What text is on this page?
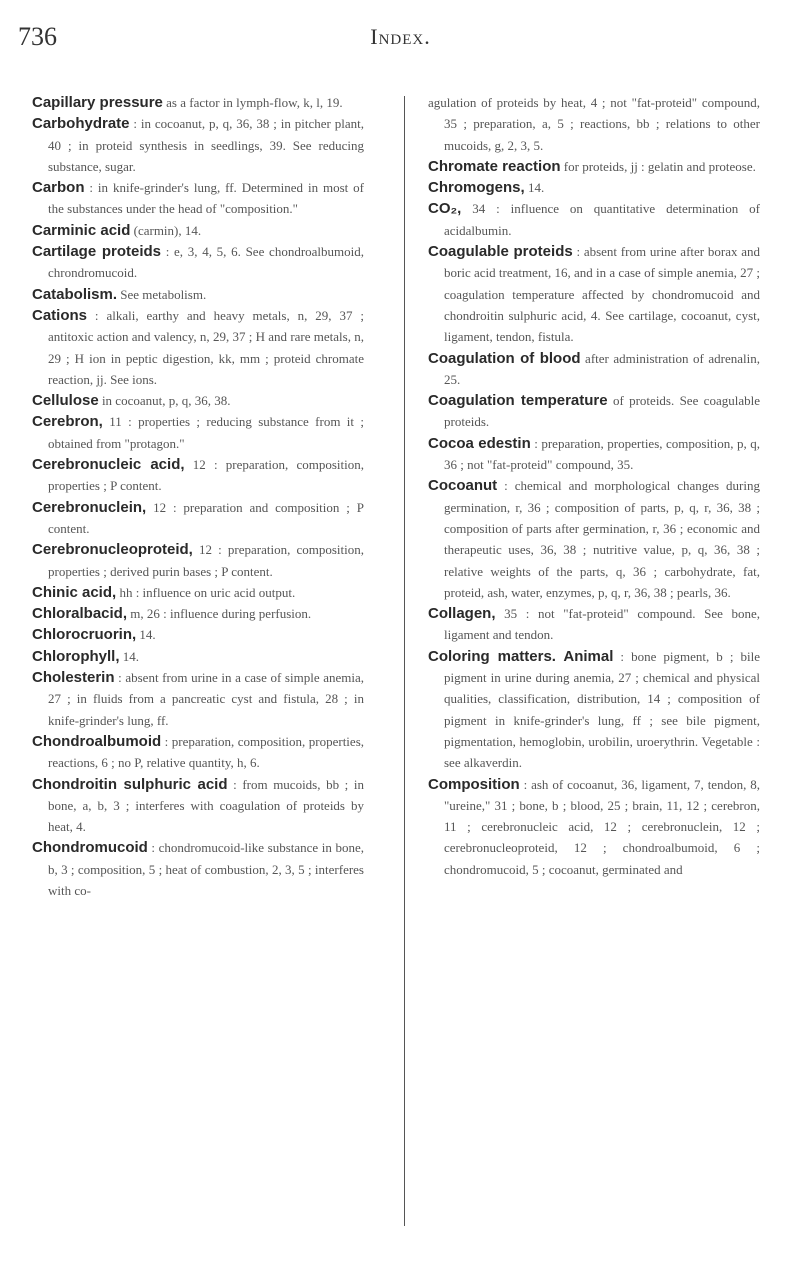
736	Index.
Capillary pressure as a factor in lymph-flow, k, l, 19.
Carbohydrate : in cocoanut, p, q, 36, 38 ; in pitcher plant, 40 ; in proteid synthesis in seedlings, 39. See reducing substance, sugar.
Carbon : in knife-grinder's lung, ff. Determined in most of the substances under the head of "composition."
Carminic acid (carmin), 14.
Cartilage proteids : e, 3, 4, 5, 6. See chondroalbumoid, chrondromucoid.
Catabolism. See metabolism.
Cations : alkali, earthy and heavy metals, n, 29, 37 ; antitoxic action and valency, n, 29, 37 ; H and rare metals, n, 29 ; H ion in peptic digestion, kk, mm ; proteid chromate reaction, jj. See ions.
Cellulose in cocoanut, p, q, 36, 38.
Cerebron, 11 : properties ; reducing substance from it ; obtained from "protagon."
Cerebronucleic acid, 12 : preparation, composition, properties ; P content.
Cerebronuclein, 12 : preparation and composition ; P content.
Cerebronucleoproteid, 12 : preparation, composition, properties ; derived purin bases ; P content.
Chinic acid, hh : influence on uric acid output.
Chloralbacid, m, 26 : influence during perfusion.
Chlorocruorin, 14.
Chlorophyll, 14.
Cholesterin : absent from urine in a case of simple anemia, 27 ; in fluids from a pancreatic cyst and fistula, 28 ; in knife-grinder's lung, ff.
Chondroalbumoid : preparation, composition, properties, reactions, 6 ; no P, relative quantity, h, 6.
Chondroitin sulphuric acid : from mucoids, bb ; in bone, a, b, 3 ; interferes with coagulation of proteids by heat, 4.
Chondromucoid : chondromucoid-like substance in bone, b, 3 ; composition, 5 ; heat of combustion, 2, 3, 5 ; interferes with co-
agulation of proteids by heat, 4 ; not "fat-proteid" compound, 35 ; preparation, a, 5 ; reactions, bb ; relations to other mucoids, g, 2, 3, 5.
Chromate reaction for proteids, jj : gelatin and proteose.
Chromogens, 14.
CO₂, 34 : influence on quantitative determination of acidalbumin.
Coagulable proteids : absent from urine after borax and boric acid treatment, 16, and in a case of simple anemia, 27 ; coagulation temperature affected by chondromucoid and chondroitin sulphuric acid, 4. See cartilage, cocoanut, cyst, ligament, tendon, fistula.
Coagulation of blood after administration of adrenalin, 25.
Coagulation temperature of proteids. See coagulable proteids.
Cocoa edestin : preparation, properties, composition, p, q, 36 ; not "fat-proteid" compound, 35.
Cocoanut : chemical and morphological changes during germination, r, 36 ; composition of parts, p, q, r, 36, 38 ; composition of parts after germination, r, 36 ; economic and therapeutic uses, 36, 38 ; nutritive value, p, q, 36, 38 ; relative weights of the parts, q, 36 ; carbohydrate, fat, proteid, ash, water, enzymes, p, q, r, 36, 38 ; pearls, 36.
Collagen, 35 : not "fat-proteid" compound. See bone, ligament and tendon.
Coloring matters. Animal : bone pigment, b ; bile pigment in urine during anemia, 27 ; chemical and physical qualities, classification, distribution, 14 ; composition of pigment in knife-grinder's lung, ff ; see bile pigment, pigmentation, hemoglobin, urobilin, uroerythrin. Vegetable : see alkaverdin.
Composition : ash of cocoanut, 36, ligament, 7, tendon, 8, "ureine," 31 ; bone, b ; blood, 25 ; brain, 11, 12 ; cerebron, 11 ; cerebronucleic acid, 12 ; cerebronuclein, 12 ; cerebronucleoproteid, 12 ; chondroalbumoid, 6 ; chondromucoid, 5 ; cocoanut, germinated and
